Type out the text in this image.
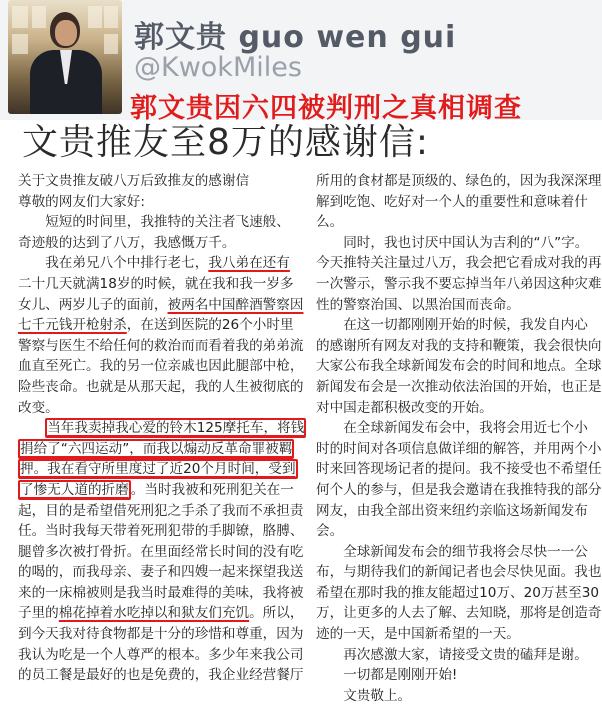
郭文贵 guo wen gui
@KwokMiles
郭文贵因六四被判刑之真相调查
文贵推友至8万的感谢信:

关于文贵推友破八万后致推友的感谢信

尊敬的网友们大家好:

短短的时间里，我推特的关注者飞速般、

奇迹般的达到了八万，我感慨万千。

我在弟兄八个中排行老七，我八弟在还有

二十几天就满18岁的时候，就在我和我一岁多

女儿、两岁儿子的面前，被两名中国醉酒警察因

七千元钱开枪射杀，在送到医院的26个小时里

警察与医生不给任何的救治而而看着我的弟弟流

血直至死亡。我的另一位亲戚也因此腿部中枪，

险些丧命。也就是从那天起，我的人生被彻底的

改变。

当年我卖掉我心爱的铃木125摩托车，将钱

捐给了“六四运动”，而我以煽动反革命罪被羁

押。我在看守所里度过了近20个月时间，受到

了惨无人道的折磨 。当时我被和死刑犯关在一

起，目的是希望借死刑犯之手杀了我而不承担责

任。当时我每天带着死刑犯带的手脚镣，胳膊、

腿曾多次被打骨折。在里面经常长时间的没有吃

的喝的，而我母亲、妻子和四嫂一起来探望我送

来的一床棉被则是我当时最难得的美味，我将被

子里的棉花掉着水吃掉以和狱友们充饥。所以，

到今天我对待食物都是十分的珍惜和尊重，因为

我认为吃是一个人尊严的根本。多少年来我公司

的员工餐是最好的也是免费的，我企业经营餐厅

所用的食材都是顶级的、绿色的，因为我深深理

解到吃饱、吃好对一个人的重要性和意味着什

么。

同时，我也讨厌中国认为吉利的“八”字。

今天推特关注量过八万，我会把它看成对我的再

一次警示，警示我不要忘掉当年八弟因这种灾难

性的警察治国、以黑治国而丧命。

在这一切都刚刚开始的时候，我发自内心

的感谢所有网友对我的支持和鞭策，我会很快向

大家公布我全球新闻发布会的时间和地点。全球

新闻发布会是一次推动依法治国的开始，也正是

对中国走都积极改变的开始。

在全球新闻发布会中，我将会用近七个小

时的时间对各项信息做详细的解答，并用两个小

时来回答现场记者的提问。我不接受也不希望任

何个人的参与，但是我会邀请在我推特我的部分

网友，由我全部出资来纽约亲临这场新闻发布

会。

全球新闻发布会的细节我将会尽快一一公

布，与期待我们的新闻记者也会尽快见面。我也

希望在那时我的推友能超过10万、20万甚至30

万，让更多的人去了解、去知晓，那将是创造奇

迹的一天，是中国新希望的一天。

再次感激大家，请接受文贵的磕拜是谢。

一切都是刚刚开始!

文贵敬上。
